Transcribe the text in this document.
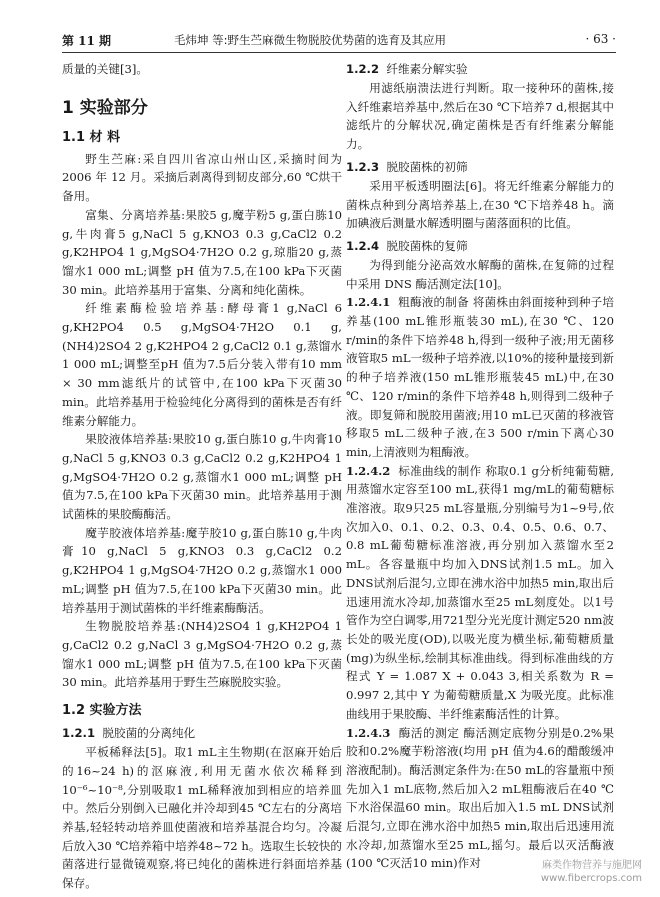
第 11 期	毛炜坤 等:野生苎麻微生物脱胶优势菌的选育及其应用	· 63 ·

质量的关键[3]。

1 实验部分
1.1 材 料

野生苎麻:采自四川省凉山州山区,采摘时间为 2006 年 12 月。采摘后剥离得到韧皮部分,60 ℃烘干备用。

富集、分离培养基:果胶5 g,魔芋粉5 g,蛋白胨10 g,牛肉膏5 g,NaCl 5 g,KNO3 0.3 g,CaCl2 0.2 g,K2HPO4 1 g,MgSO4·7H2O 0.2 g,琼脂20 g,蒸馏水1 000 mL;调整 pH 值为7.5,在100 kPa下灭菌30 min。此培养基用于富集、分离和纯化菌株。

纤维素酶检验培养基:酵母膏1 g,NaCl 6 g,KH2PO4 0.5 g,MgSO4·7H2O 0.1 g,(NH4)2SO4 2 g,K2HPO4 2 g,CaCl2 0.1 g,蒸馏水1 000 mL;调整至pH 值为7.5后分装入带有10 mm × 30 mm滤纸片的试管中,在100 kPa下灭菌30 min。此培养基用于检验纯化分离得到的菌株是否有纤维素分解能力。

果胶液体培养基:果胶10 g,蛋白胨10 g,牛肉膏10 g,NaCl 5 g,KNO3 0.3 g,CaCl2 0.2 g,K2HPO4 1 g,MgSO4·7H2O 0.2 g,蒸馏水1 000 mL;调整 pH 值为7.5,在100 kPa下灭菌30 min。此培养基用于测试菌株的果胶酶酶活。

魔芋胶液体培养基:魔芋胶10 g,蛋白胨10 g,牛肉膏10 g,NaCl 5 g,KNO3 0.3 g,CaCl2 0.2 g,K2HPO4 1 g,MgSO4·7H2O 0.2 g,蒸馏水1 000 mL;调整 pH 值为7.5,在100 kPa下灭菌30 min。此培养基用于测试菌株的半纤维素酶酶活。

生物脱胶培养基:(NH4)2SO4 1 g,KH2PO4 1 g,CaCl2 0.2 g,NaCl 3 g,MgSO4·7H2O 0.2 g,蒸馏水1 000 mL;调整 pH 值为7.5,在100 kPa下灭菌30 min。此培养基用于野生苎麻脱胶实验。

1.2 实验方法
1.2.1 脱胶菌的分离纯化

平板稀释法[5]。取1 mL主生物期(在沤麻开始后的16~24 h)的沤麻液,利用无菌水依次稀释到10⁻⁶~10⁻⁸,分别吸取1 mL稀释液加到相应的培养皿中。然后分别倒入已融化并冷却到45 ℃左右的分离培养基,轻轻转动培养皿使菌液和培养基混合均匀。冷凝后放入30 ℃培养箱中培养48~72 h。选取生长较快的菌落进行显微镜观察,将已纯化的菌株进行斜面培养基保存。

1.2.2 纤维素分解实验

用滤纸崩溃法进行判断。取一接种环的菌株,接入纤维素培养基中,然后在30 ℃下培养7 d,根据其中滤纸片的分解状况,确定菌株是否有纤维素分解能力。

1.2.3 脱胶菌株的初筛

采用平板透明圈法[6]。将无纤维素分解能力的菌株点种到分离培养基上,在30 ℃下培养48 h。滴加碘液后测量水解透明圈与菌落面积的比值。

1.2.4 脱胶菌株的复筛

为得到能分泌高效水解酶的菌株,在复筛的过程中采用 DNS 酶活测定法[10]。

1.2.4.1 粗酶液的制备 将菌株由斜面接种到种子培养基(100 mL锥形瓶装30 mL),在30 ℃、120 r/min的条件下培养48 h,得到一级种子液;用无菌移液管取5 mL一级种子培养液,以10%的接种量接到新的种子培养液(150 mL锥形瓶装45 mL)中,在30 ℃、120 r/min的条件下培养48 h,则得到二级种子液。即复筛和脱胶用菌液;用10 mL已灭菌的移液管移取5 mL二级种子液,在3 500 r/min下离心30 min,上清液则为粗酶液。

1.2.4.2 标准曲线的制作 称取0.1 g分析纯葡萄糖,用蒸馏水定容至100 mL,获得1 mg/mL的葡萄糖标准溶液。取9只25 mL容量瓶,分别编号为1~9号,依次加入0、0.1、0.2、0.3、0.4、0.5、0.6、0.7、0.8 mL葡萄糖标准溶液,再分别加入蒸馏水至2 mL。各容量瓶中均加入DNS试剂1.5 mL。加入DNS试剂后混匀,立即在沸水浴中加热5 min,取出后迅速用流水冷却,加蒸馏水至25 mL刻度处。以1号管作为空白调零,用721型分光光度计测定520 nm波长处的吸光度(OD),以吸光度为横坐标,葡萄糖质量(mg)为纵坐标,绘制其标准曲线。得到标准曲线的方程式 Y = 1.087 X + 0.043 3,相关系数为 R = 0.997 2,其中 Y 为葡萄糖质量,X 为吸光度。此标准曲线用于果胶酶、半纤维素酶活性的计算。

1.2.4.3 酶活的测定 酶活测定底物分别是0.2%果胶和0.2%魔芋粉溶液(均用 pH 值为4.6的醋酸缓冲溶液配制)。酶活测定条件为:在50 mL的容量瓶中预先加入1 mL底物,然后加入2 mL粗酶液后在40 ℃下水浴保温60 min。取出后加入1.5 mL DNS试剂后混匀,立即在沸水浴中加热5 min,取出后迅速用流水冷却,加蒸馏水至25 mL,摇匀。最后以灭活酶液(100 ℃灭活10 min)作对	麻类作物营养与施肥网
www.fibercrops.com
